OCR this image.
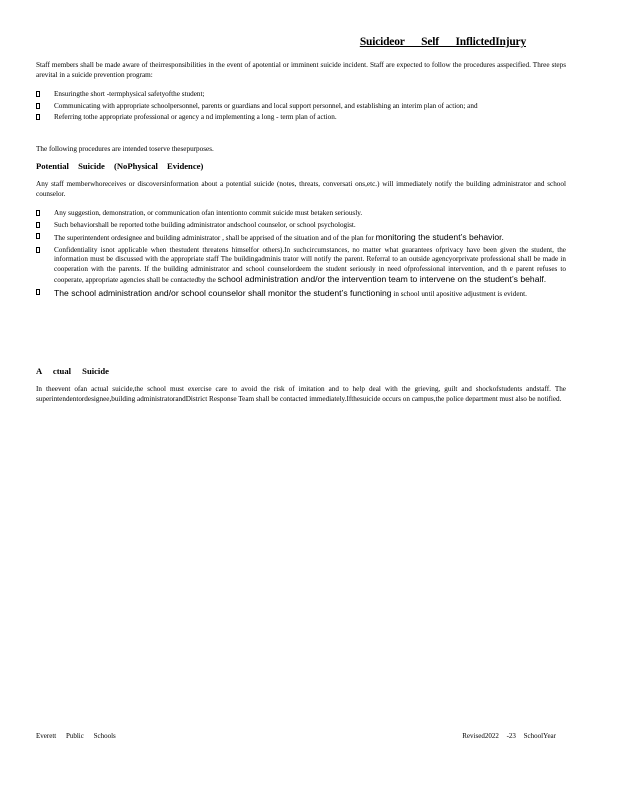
Suicideor Self InflictedInjury
Staff members shall be made aware of theirresponsibilities in the event of apotential or imminent suicide incident. Staff are expected to follow the procedures asspecified. Three steps arevital in a suicide prevention program:
Ensuringthe short -termphysical safetyofthe student;
Communicating with appropriate schoolpersonnel, parents or guardians and local support personnel, and establishing an interim plan of action; and
Referring tothe appropriate professional or agency a nd implementing a long - term plan of action.
The following procedures are intended toserve thesepurposes.
Potential Suicide (NoPhysical Evidence)
Any staff memberwhoreceives or discoversinformation about a potential suicide (notes, threats, conversati ons,etc.) will immediately notify the building administrator and school counselor.
Any suggestion, demonstration, or communication ofan intentionto commit suicide must betaken seriously.
Such behaviorshall be reported tothe building administrator andschool counselor, or school psychologist.
The superintendent ordesignee and building administrator , shall be apprised of the situation and of the plan for monitoring the student’s behavior.
Confidentiality isnot applicable when thestudent threatens himselfor others).In suchcircumstances, no matter what guarantees ofprivacy have been given the student, the information must be discussed with the appropriate staff The buildingadminis trator will notify the parent. Referral to an outside agencyorprivate professional shall be made in cooperation with the parents. If the building administrator and school counselordeem the student seriously in need ofprofessional intervention, and th e parent refuses to cooperate, appropriate agencies shall be contactedby the school administration and/or the intervention team to intervene on the student’s behalf.
The school administration and/or school counselor shall monitor the student’s functioning in school until apositive adjustment is evident.
A ctual Suicide
In theevent ofan actual suicide,the school must exercise care to avoid the risk of imitation and to help deal with the grieving, guilt and shockofstudents andstaff. The superintendentordesignee,building administratorandDistrict Response Team shall be contacted immediately.Ifthesuicide occurs on campus,the police department must also be notified.
Everett Public Schools	Revised2022 -23 SchoolYear
